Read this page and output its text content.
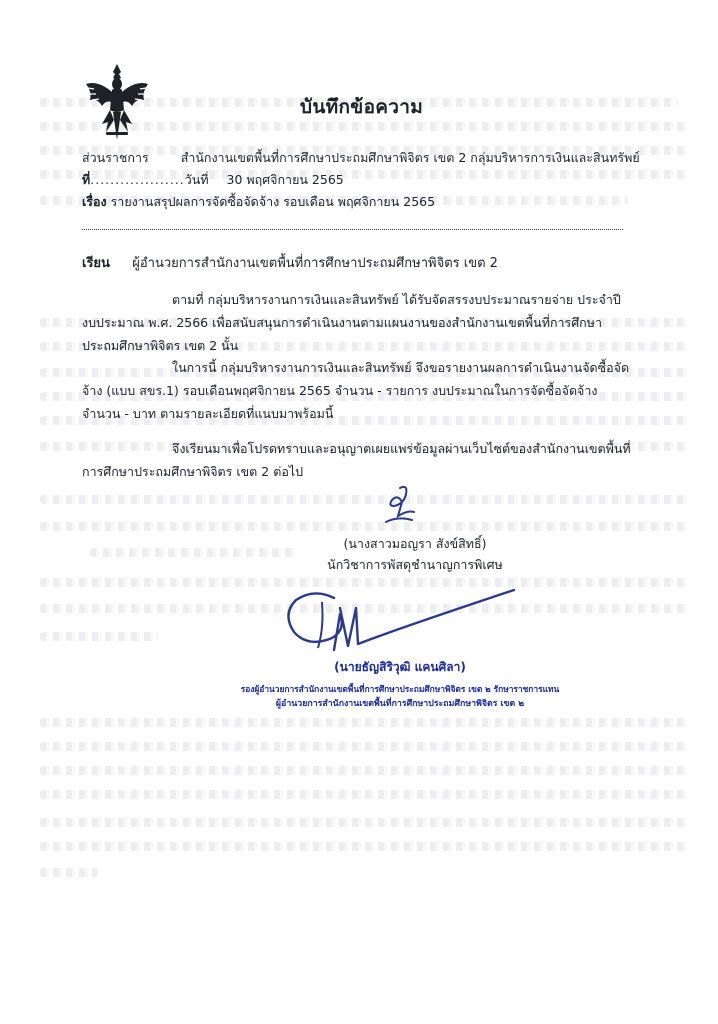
บันทึกข้อความ
ส่วนราชการ	สำนักงานเขตพื้นที่การศึกษาประถมศึกษาพิจิตร เขต 2 กลุ่มบริหารการเงินและสินทรัพย์
ที่...................วันที่ 30 พฤศจิกายน 2565
เรื่อง รายงานสรุปผลการจัดซื้อจัดจ้าง รอบเดือน พฤศจิกายน 2565
เรียน ผู้อำนวยการสำนักงานเขตพื้นที่การศึกษาประถมศึกษาพิจิตร เขต 2
ตามที่ กลุ่มบริหารงานการเงินและสินทรัพย์ ได้รับจัดสรรงบประมาณรายจ่าย ประจำปี
งบประมาณ พ.ศ. 2566 เพื่อสนับสนุนการดำเนินงานตามแผนงานของสำนักงานเขตพื้นที่การศึกษา
ประถมศึกษาพิจิตร เขต 2 นั้น
ในการนี้ กลุ่มบริหารงานการเงินและสินทรัพย์ จึงขอรายงานผลการดำเนินงานจัดซื้อจัด
จ้าง (แบบ สขร.1) รอบเดือนพฤศจิกายน 2565 จำนวน - รายการ งบประมาณในการจัดซื้อจัดจ้าง
จำนวน - บาท ตามรายละเอียดที่แนบมาพร้อมนี้
จึงเรียนมาเพื่อโปรดทราบและอนุญาตเผยแพร่ข้อมูลผ่านเว็บไซต์ของสำนักงานเขตพื้นที่
การศึกษาประถมศึกษาพิจิตร เขต 2 ต่อไป
(นางสาวมอญรา สังข์สิทธิ์)
นักวิชาการพัสดุชำนาญการพิเศษ
(นายธัญสิริวุฒิ แคนศิลา)
รองผู้อำนวยการสำนักงานเขตพื้นที่การศึกษาประถมศึกษาพิจิตร เขต ๒ รักษาราชการแทน
ผู้อำนวยการสำนักงานเขตพื้นที่การศึกษาประถมศึกษาพิจิตร เขต ๒
